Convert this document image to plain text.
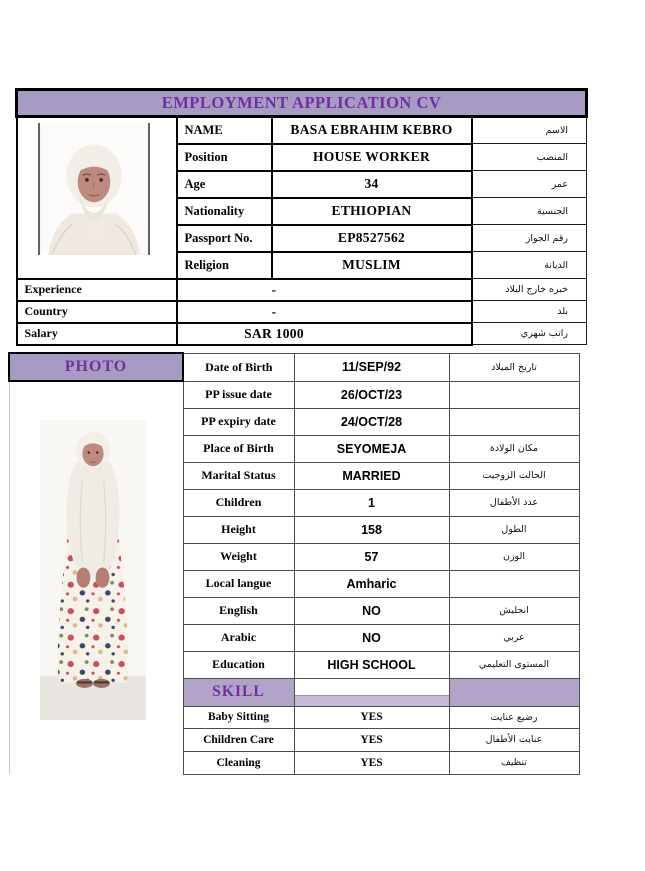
EMPLOYMENT APPLICATION CV			
	NAME	BASA EBRAHIM KEBRO	الاسم
	Position	HOUSE WORKER	المنصب
	Age	34	عمر
	Nationality	ETHIOPIAN	الجنسية
	Passport No.	EP8527562	رقم الجواز
	Religion	MUSLIM	الديانة
Experience	-		خبره خارج البلاد
Country	-		بلد
Salary	SAR 1000		راتب شهري
PHOTO	Date of Birth	11/SEP/92	تاريخ الميلاد
	PP issue date	26/OCT/23	
	PP expiry date	24/OCT/28	
	Place of Birth	SEYOMEJA	مكان الولادة
	Marital Status	MARRIED	الحالت الزوجيت
	Children	1	عدد الأطفال
	Height	158	الطول
	Weight	57	الوزن
	Local langue	Amharic	
	English	NO	انجليش
	Arabic	NO	عربي
	Education	HIGH SCHOOL	المستوى التعليمي
	SKILL	

	Baby Sitting	YES	رضيع عنايت
	Children Care	YES	عنايت الأطفال
	Cleaning	YES	تنظيف
